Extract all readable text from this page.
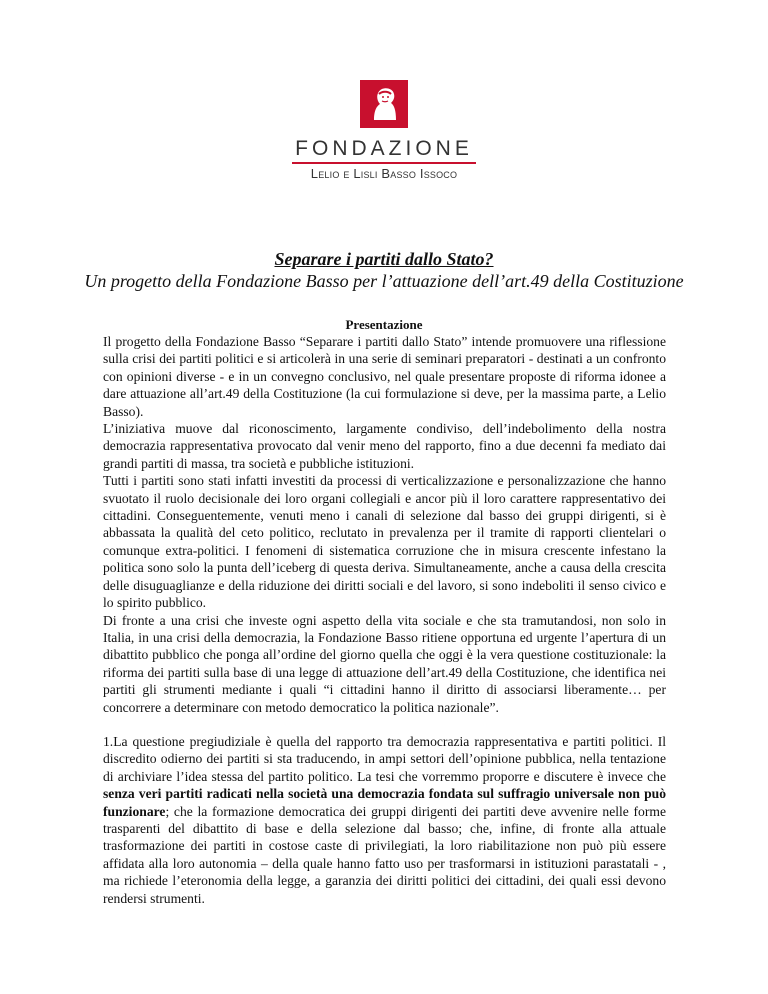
FONDAZIONE
Lelio e Lisli Basso Issoco
Separare i partiti dallo Stato?
Un progetto della Fondazione Basso per l’attuazione dell’art.49 della Costituzione
Presentazione

Il progetto della Fondazione Basso “Separare i partiti dallo Stato” intende promuovere una riflessione sulla crisi dei partiti politici e si articolerà in una serie di seminari preparatori - destinati a un confronto con opinioni diverse - e in un convegno conclusivo, nel quale presentare proposte di riforma idonee a dare attuazione all’art.49 della Costituzione (la cui formulazione si deve, per la massima parte, a Lelio Basso).

L’iniziativa muove dal riconoscimento, largamente condiviso, dell’indebolimento della nostra democrazia rappresentativa provocato dal venir meno del rapporto, fino a due decenni fa mediato dai grandi partiti di massa, tra società e pubbliche istituzioni.

Tutti i partiti sono stati infatti investiti da processi di verticalizzazione e personalizzazione che hanno svuotato il ruolo decisionale dei loro organi collegiali e ancor più il loro carattere rappresentativo dei cittadini. Conseguentemente, venuti meno i canali di selezione dal basso dei gruppi dirigenti, si è abbassata la qualità del ceto politico, reclutato in prevalenza per il tramite di rapporti clientelari o comunque extra-politici. I fenomeni di sistematica corruzione che in misura crescente infestano la politica sono solo la punta dell’iceberg di questa deriva. Simultaneamente, anche a causa della crescita delle disuguaglianze e della riduzione dei diritti sociali e del lavoro, si sono indeboliti il senso civico e lo spirito pubblico.

Di fronte a una crisi che investe ogni aspetto della vita sociale e che sta tramutandosi, non solo in Italia, in una crisi della democrazia, la Fondazione Basso ritiene opportuna ed urgente l’apertura di un dibattito pubblico che ponga all’ordine del giorno quella che oggi è la vera questione costituzionale: la riforma dei partiti sulla base di una legge di attuazione dell’art.49 della Costituzione, che identifica nei partiti gli strumenti mediante i quali “i cittadini hanno il diritto di associarsi liberamente… per concorrere a determinare con metodo democratico la politica nazionale”.

1.La questione pregiudiziale è quella del rapporto tra democrazia rappresentativa e partiti politici. Il discredito odierno dei partiti si sta traducendo, in ampi settori dell’opinione pubblica, nella tentazione di archiviare l’idea stessa del partito politico. La tesi che vorremmo proporre e discutere è invece che senza veri partiti radicati nella società una democrazia fondata sul suffragio universale non può funzionare; che la formazione democratica dei gruppi dirigenti dei partiti deve avvenire nelle forme trasparenti del dibattito di base e della selezione dal basso; che, infine, di fronte alla attuale trasformazione dei partiti in costose caste di privilegiati, la loro riabilitazione non può più essere affidata alla loro autonomia – della quale hanno fatto uso per trasformarsi in istituzioni parastatali - , ma richiede l’eteronomia della legge, a garanzia dei diritti politici dei cittadini, dei quali essi devono rendersi strumenti.
